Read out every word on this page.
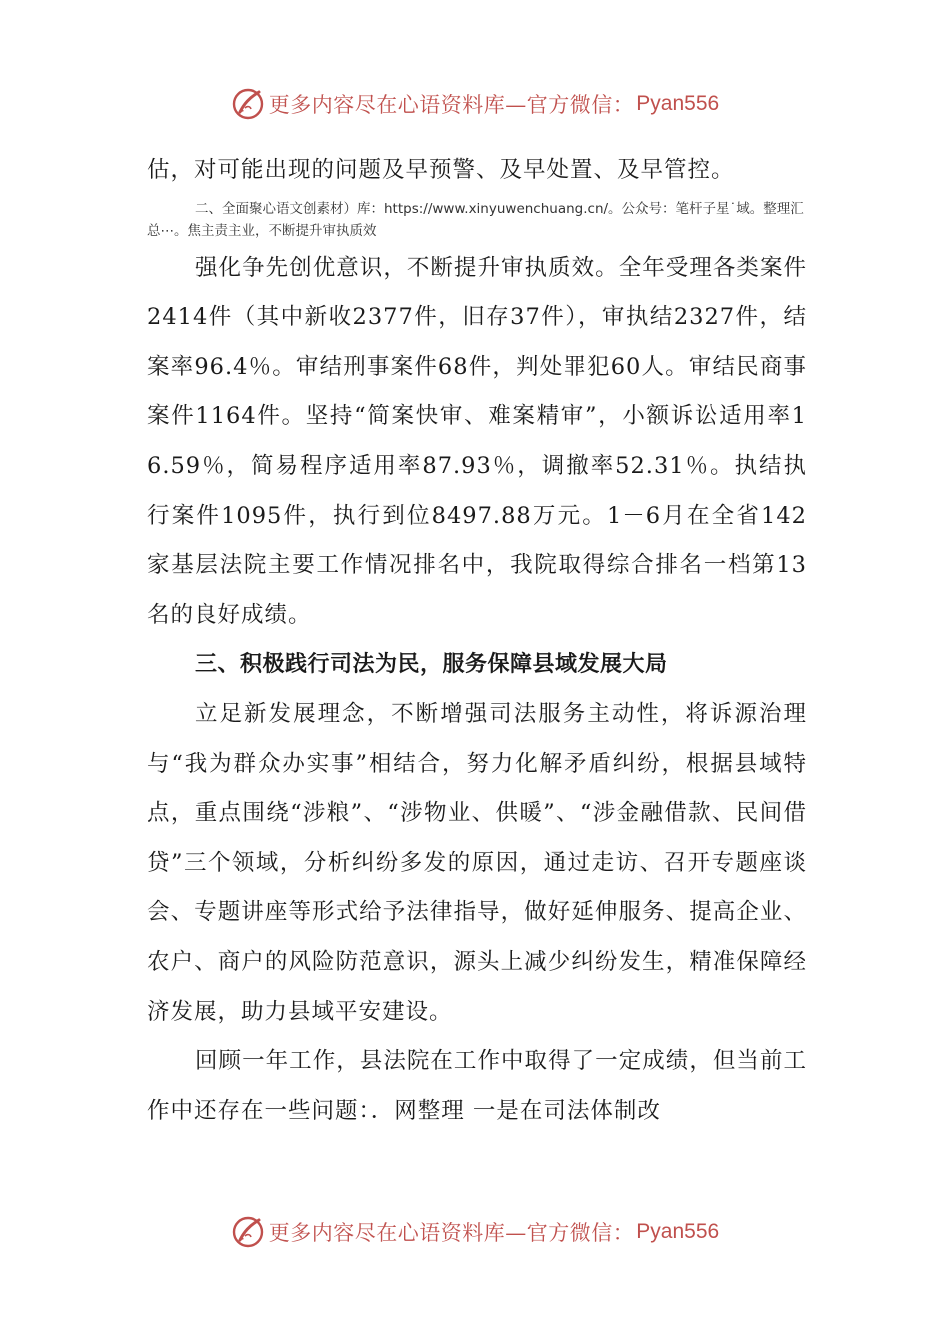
更多内容尽在心语资料库—官方微信： Pyan556

估，对可能出现的问题及早预警、及早处置、及早管控。

二、全面聚心语文创素材）库：https://www.xinyuwenchuang.cn/。公众号：笔杆子星˙域。整理汇总⋯。焦主责主业，不断提升审执质效

强化争先创优意识，不断提升审执质效。全年受理各类案件2414件（其中新收2377件，旧存37件），审执结2327件，结案率96.4％。审结刑事案件68件，判处罪犯60人。审结民商事案件1164件。坚持“简案快审、难案精审”，小额诉讼适用率16.59％，简易程序适用率87.93％，调撤率52.31％。执结执行案件1095件，执行到位8497.88万元。1－6月在全省142家基层法院主要工作情况排名中，我院取得综合排名一档第13名的良好成绩。

三、积极践行司法为民，服务保障县域发展大局

立足新发展理念，不断增强司法服务主动性，将诉源治理与“我为群众办实事”相结合，努力化解矛盾纠纷，根据县域特点，重点围绕“涉粮”、“涉物业、供暖”、“涉金融借款、民间借贷”三个领域，分析纠纷多发的原因，通过走访、召开专题座谈会、专题讲座等形式给予法律指导，做好延伸服务、提高企业、农户、商户的风险防范意识，源头上减少纠纷发生，精准保障经济发展，助力县域平安建设。

回顾一年工作，县法院在工作中取得了一定成绩，但当前工作中还存在一些问题：．网整理 一是在司法体制改

更多内容尽在心语资料库—官方微信： Pyan556
